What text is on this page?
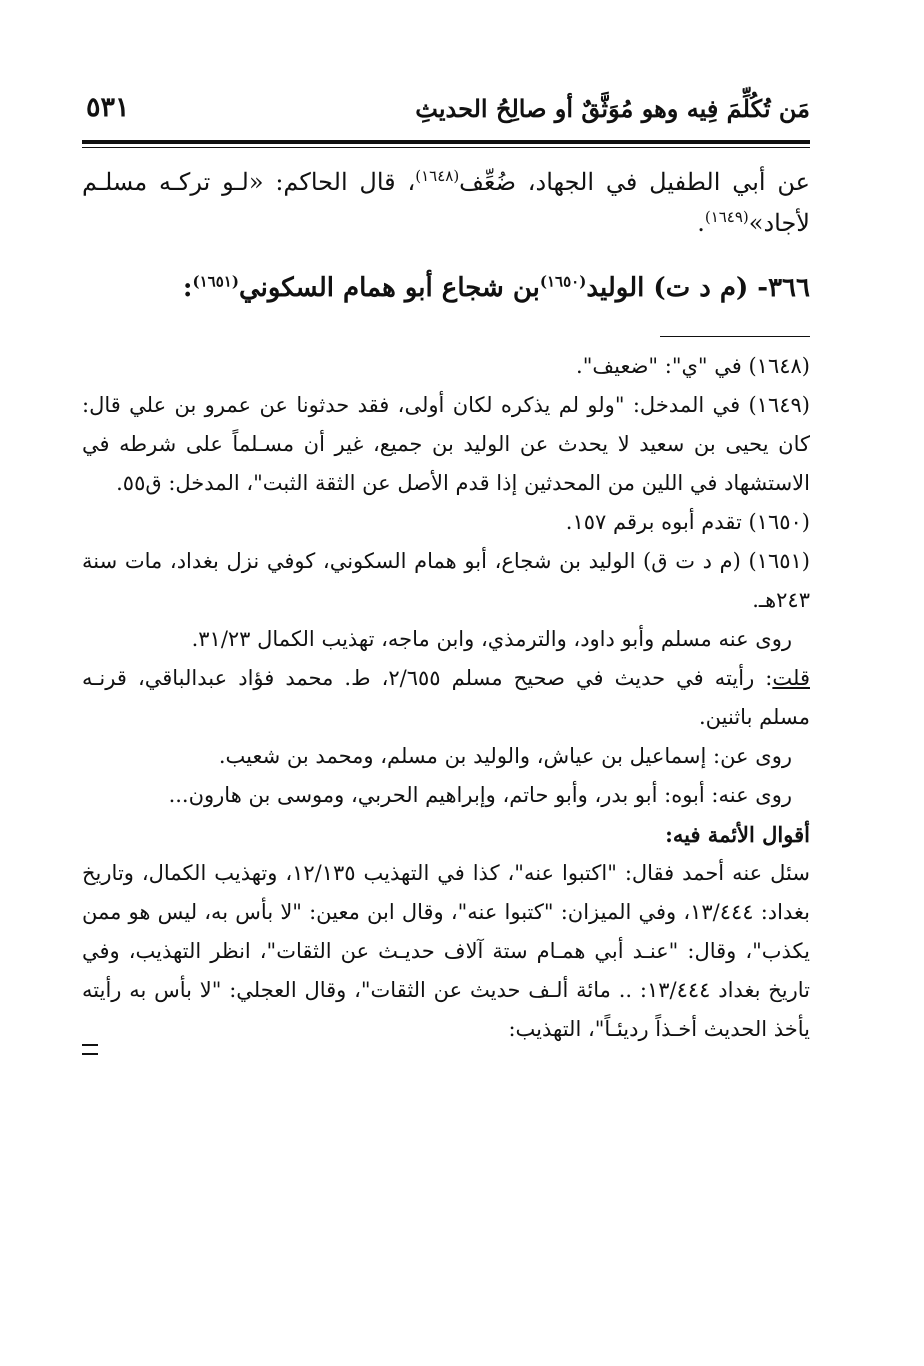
مَن تُكُلِّمَ فِيه وهو مُوَثَّقٌ أو صالِحُ الحديثِ
٥٣١

عن أبي الطفيل في الجهاد، ضُعِّف$^{(١٦٤٨)}$، قال الحاكم: «لـو تركـه مسلـم لأجاد»$^{(١٦٤٩)}$.

٣٦٦- (م د ت) الوليد$^{(١٦٥٠)}$بن شجاع أبو همام السكوني$^{(١٦٥١)}$:

(١٦٤٨) في "ي": "ضعيف".

(١٦٤٩) في المدخل: "ولو لم يذكره لكان أولى، فقد حدثونا عن عمرو بن علي قال: كان يحيى بن سعيد لا يحدث عن الوليد بن جميع، غير أن مسـلماً على شرطه في الاستشهاد في اللين من المحدثين إذا قدم الأصل عن الثقة الثبت"، المدخل: ق٥٥.

(١٦٥٠) تقدم أبوه برقم ١٥٧.

(١٦٥١) (م د ت ق) الوليد بن شجاع، أبو همام السكوني، كوفي نزل بغداد، مات سنة ٢٤٣هـ.

روى عنه مسلم وأبو داود، والترمذي، وابن ماجه، تهذيب الكمال ٣١/٢٣.

قلت: رأيته في حديث في صحيح مسلم ٢/٦٥٥، ط. محمد فؤاد عبدالباقي، قرنـه مسلم باثنين.

روى عن: إسماعيل بن عياش، والوليد بن مسلم، ومحمد بن شعيب.

روى عنه: أبوه: أبو بدر، وأبو حاتم، وإبراهيم الحربي، وموسى بن هارون...

أقوال الأئمة فيه:

سئل عنه أحمد فقال: "اكتبوا عنه"، كذا في التهذيب ١٢/١٣٥، وتهذيب الكمال، وتاريخ بغداد: ١٣/٤٤٤، وفي الميزان: "كتبوا عنه"، وقال ابن معين: "لا بأس به، ليس هو ممن يكذب"، وقال: "عنـد أبي همـام ستة آلاف حديـث عن الثقات"، انظر التهذيب، وفي تاريخ بغداد ١٣/٤٤٤: .. مائة ألـف حديث عن الثقات"، وقال العجلي: "لا بأس به رأيته يأخذ الحديث أخـذاً رديئـاً"، التهذيب:
